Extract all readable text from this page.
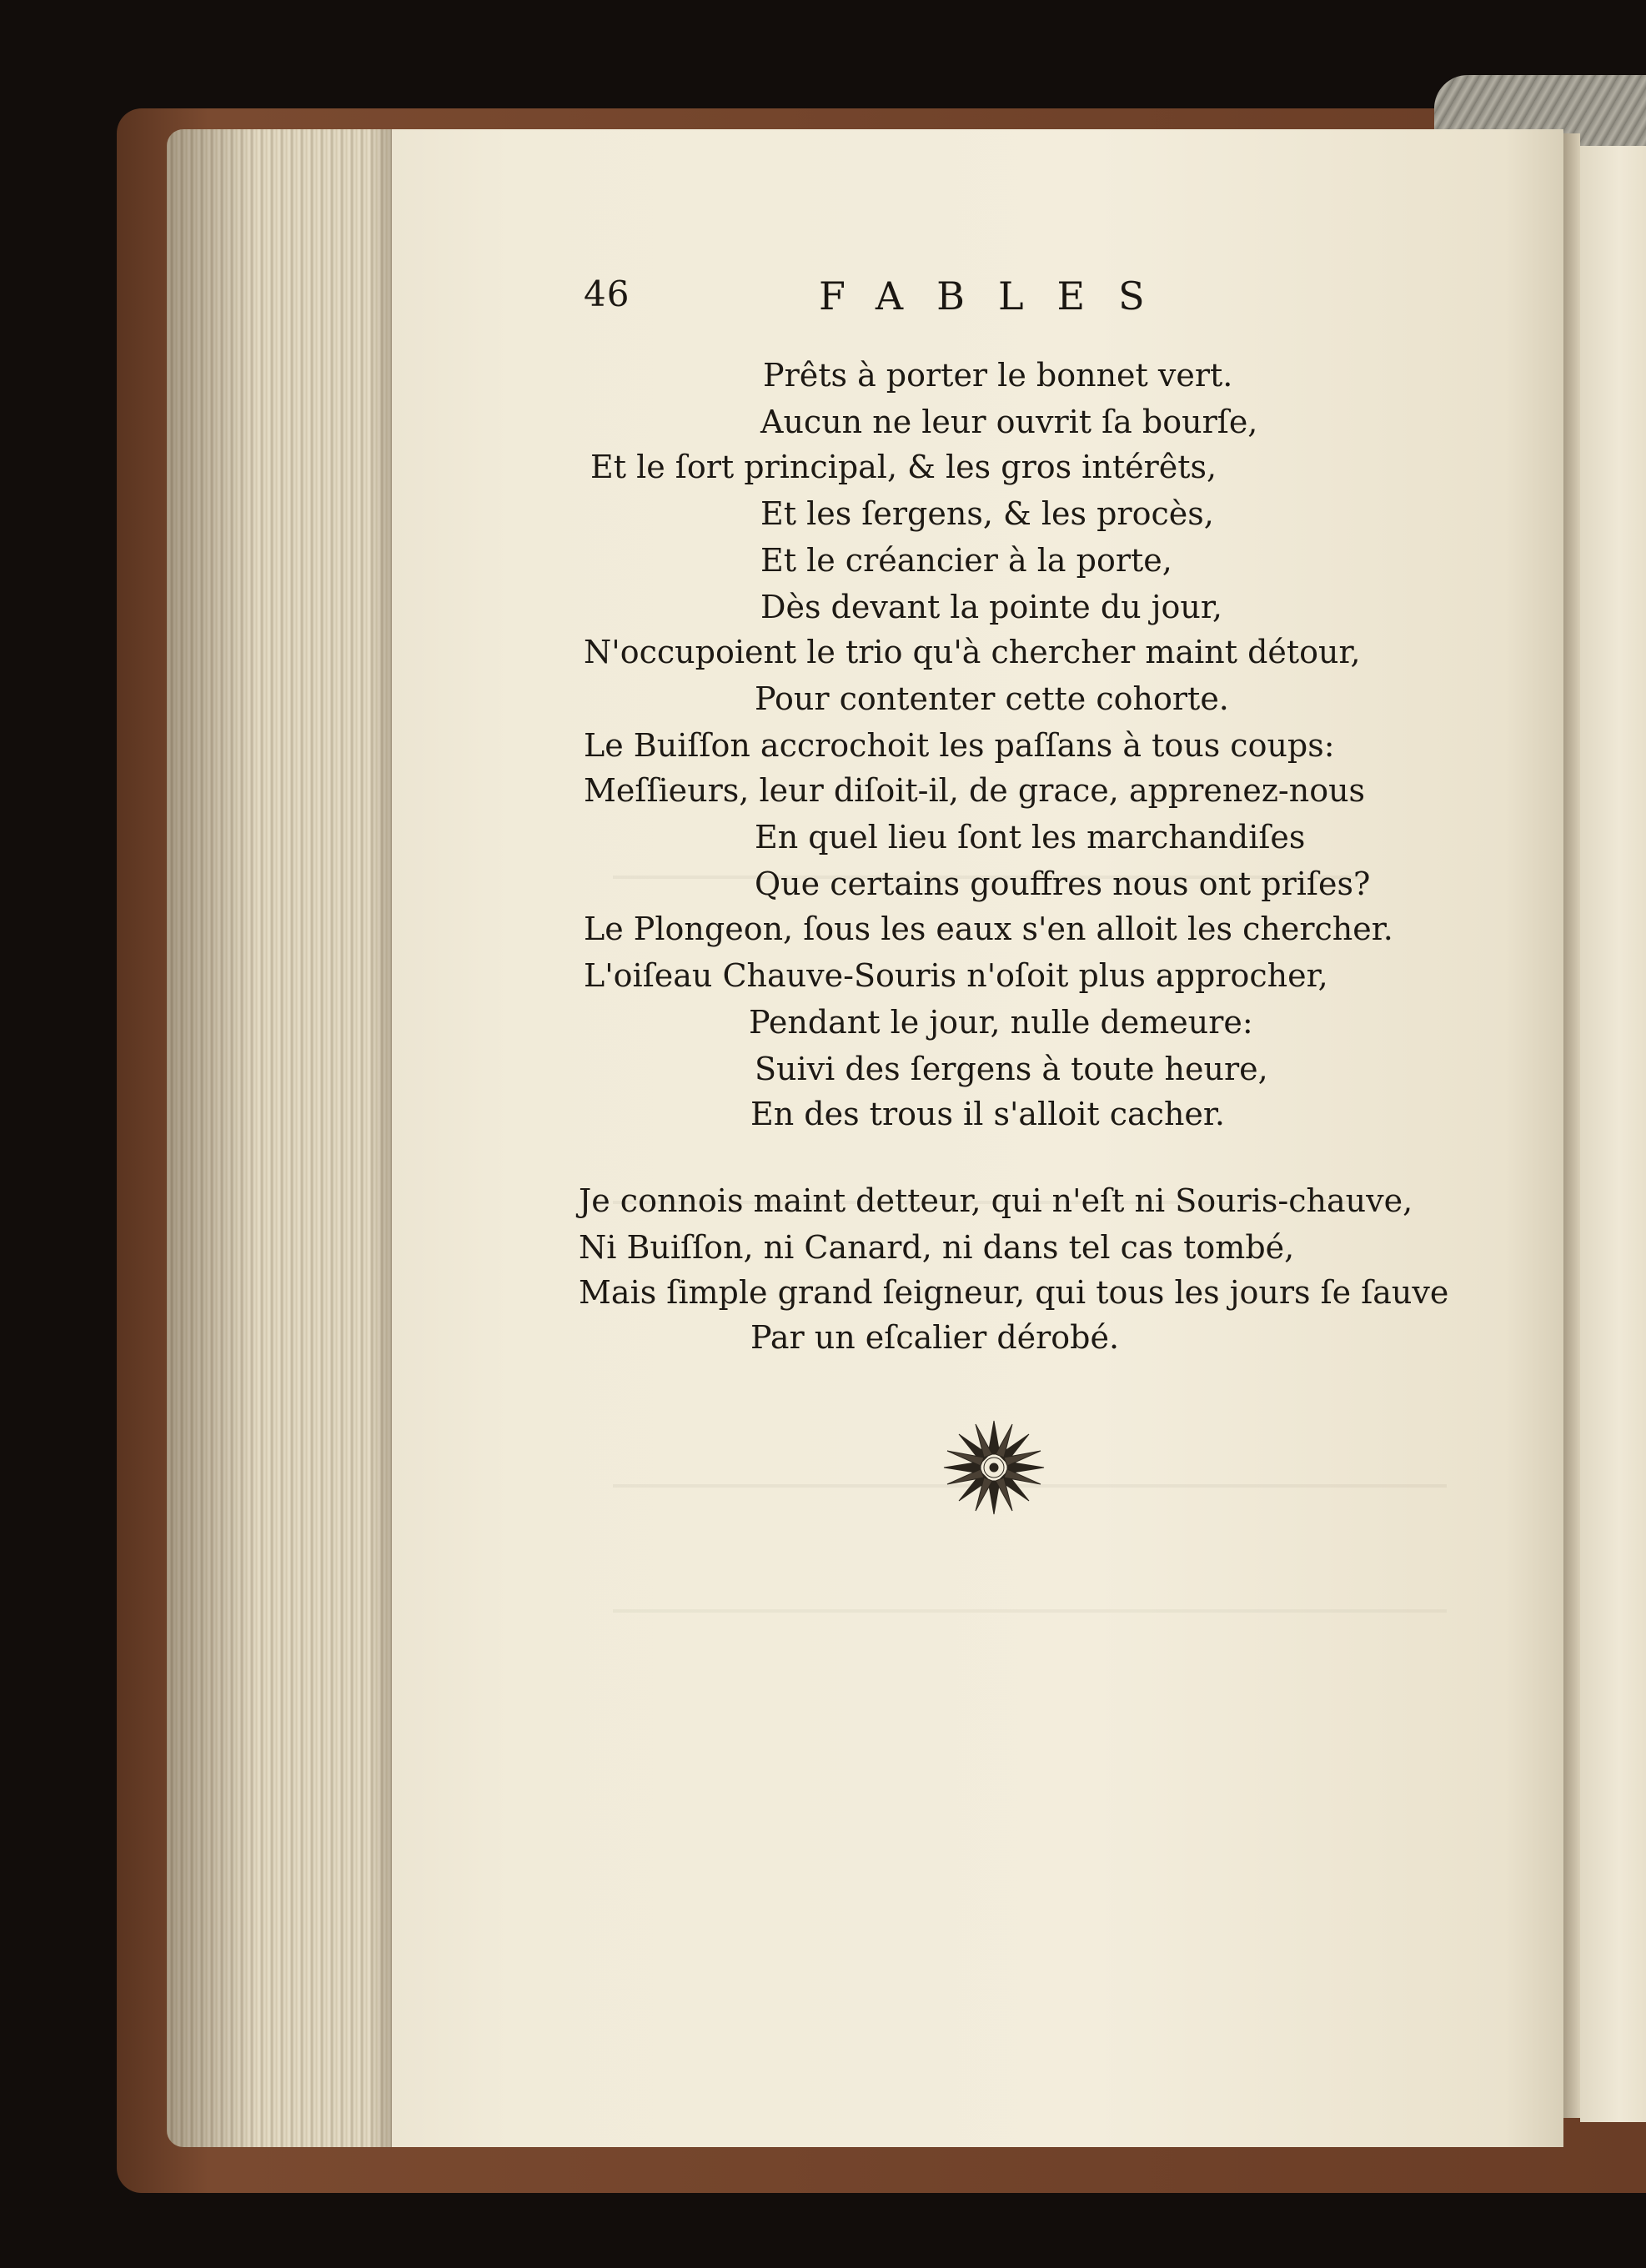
46	FABLES
Prêts à porter le bonnet vert.
Aucun ne leur ouvrit ſa bourſe,
Et le ſort principal, & les gros intérêts,
Et les ſergens, & les procès,
Et le créancier à la porte,
Dès devant la pointe du jour,
N'occupoient le trio qu'à chercher maint détour,
Pour contenter cette cohorte.
Le Buiſſon accrochoit les paſſans à tous coups:
Meſſieurs, leur diſoit-il, de grace, apprenez-nous
En quel lieu ſont les marchandiſes
Que certains gouffres nous ont priſes?
Le Plongeon, ſous les eaux s'en alloit les chercher.
L'oiſeau Chauve-Souris n'oſoit plus approcher,
Pendant le jour, nulle demeure:
Suivi des ſergens à toute heure,
En des trous il s'alloit cacher.
Je connois maint detteur, qui n'eſt ni Souris-chauve,
Ni Buiſſon, ni Canard, ni dans tel cas tombé,
Mais ſimple grand ſeigneur, qui tous les jours ſe ſauve
Par un eſcalier dérobé.
